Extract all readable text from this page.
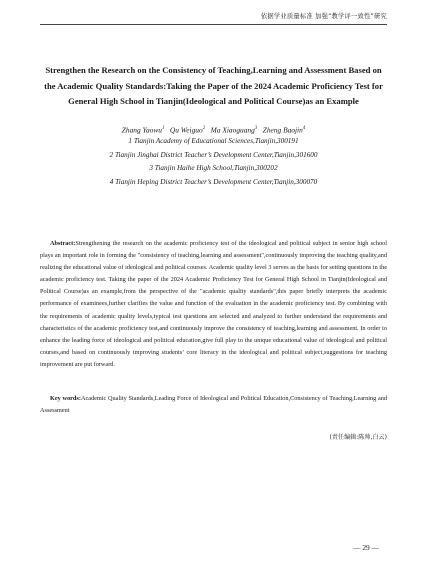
依据学业质量标准 加强“教学评一致性”研究
Strengthen the Research on the Consistency of Teaching,Learning and Assessment Based on the Academic Quality Standards:Taking the Paper of the 2024 Academic Proficiency Test for General High School in Tianjin(Ideological and Political Course)as an Example
Zhang Yaowu$^1$ Qu Weiguo$^2$ Ma Xiaoguang$^3$ Zheng Baojin$^4$
1 Tianjin Academy of Educational Sciences,Tianjin,300191
2 Tianjin Jinghai District Teacher’s Development Center,Tianjin,301600
3 Tianjin Haihe High School,Tianjin,300202
4 Tianjin Heping District Teacher’s Development Center,Tianjin,300070

Abstract:Strengthening the research on the academic proficiency test of the ideological and political subject in senior high school plays an important role in forming the "consistency of teaching,learning and assessment",continuously improving the teaching quality,and realizing the educational value of ideological and political courses. Academic quality level 3 serves as the basis for setting questions in the academic proficiency test. Taking the paper of the 2024 Academic Proficiency Test for General High School in Tianjin(Ideological and Political Course)as an example,from the perspective of the "academic quality standards",this paper briefly interprets the academic performance of examinees,further clarifies the value and function of the evaluation in the academic proficiency test. By combining with the requirements of academic quality levels,typical test questions are selected and analyzed to further understand the requirements and characteristics of the academic proficiency test,and continuously improve the consistency of teaching,learning and assessment. In order to enhance the leading force of ideological and political education,give full play to the unique educational value of ideological and political courses,and based on continuously improving students’ core literacy in the ideological and political subject,suggestions for teaching improvement are put forward.

Key words:Academic Quality Standards,Leading Force of Ideological and Political Education,Consistency of Teaching,Learning and Assessment

(责任编辑:陈帅,白云)
— 29 —
